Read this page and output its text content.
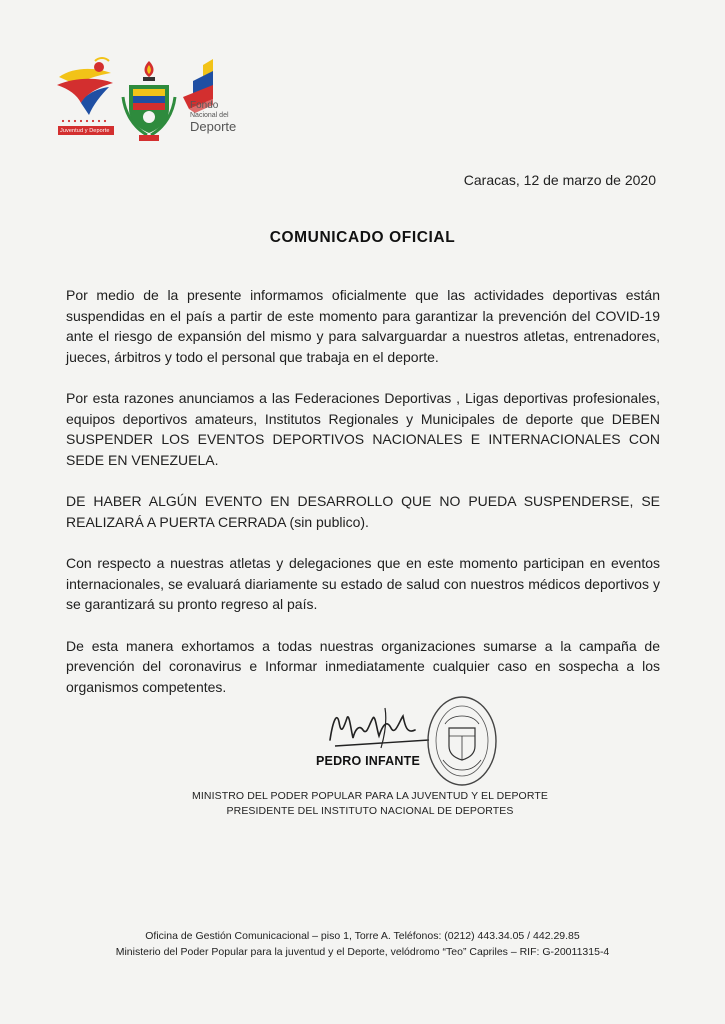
Juventud y Deporte
Fondo
Nacional del
Deporte
Caracas, 12 de marzo de 2020
COMUNICADO OFICIAL

Por medio de la presente informamos oficialmente que las actividades deportivas están suspendidas en el país a partir de este momento para garantizar la prevención del COVID-19 ante el riesgo de expansión del mismo y para salvarguardar a nuestros atletas, entrenadores, jueces, árbitros y todo el personal que trabaja en el deporte.

Por esta razones anunciamos a las Federaciones Deportivas , Ligas deportivas profesionales, equipos deportivos amateurs, Institutos Regionales y Municipales de deporte que DEBEN SUSPENDER LOS EVENTOS DEPORTIVOS NACIONALES E INTERNACIONALES CON SEDE EN VENEZUELA.

DE HABER ALGÚN EVENTO EN DESARROLLO QUE NO PUEDA SUSPENDERSE, SE REALIZARÁ A PUERTA CERRADA (sin publico).

Con respecto a nuestras atletas y delegaciones que en este momento participan en eventos internacionales, se evaluará diariamente su estado de salud con nuestros médicos deportivos y se garantizará su pronto regreso al país.

De esta manera exhortamos a todas nuestras organizaciones sumarse a la campaña de prevención del coronavirus e Informar inmediatamente cualquier caso en sospecha a los organismos competentes.

PEDRO INFANTE
MINISTRO DEL PODER POPULAR PARA LA JUVENTUD Y EL DEPORTE
PRESIDENTE DEL INSTITUTO NACIONAL DE DEPORTES
Oficina de Gestión Comunicacional – piso 1, Torre A. Teléfonos: (0212) 443.34.05 / 442.29.85
Ministerio del Poder Popular para la juventud y el Deporte, velódromo “Teo” Capriles – RIF: G-20011315-4
